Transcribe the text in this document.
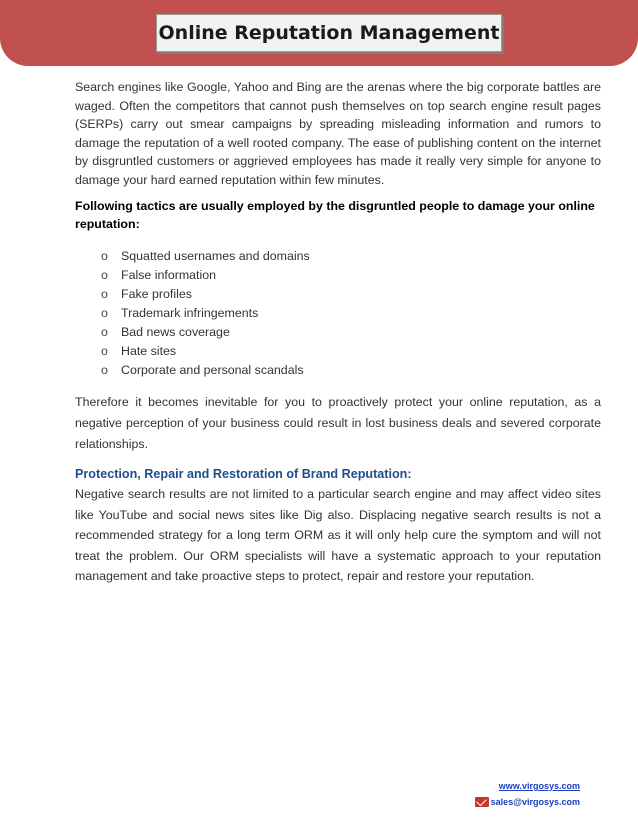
Online Reputation Management

Search engines like Google, Yahoo and Bing are the arenas where the big corporate battles are waged. Often the competitors that cannot push themselves on top search engine result pages (SERPs) carry out smear campaigns by spreading misleading information and rumors to damage the reputation of a well rooted company. The ease of publishing content on the internet by disgruntled customers or aggrieved employees has made it really very simple for anyone to damage your hard earned reputation within few minutes.

Following tactics are usually employed by the disgruntled people to damage your online reputation:

o	Squatted usernames and domains
o	False information
o	Fake profiles
o	Trademark infringements
o	Bad news coverage
o	Hate sites
o	Corporate and personal scandals

Therefore it becomes inevitable for you to proactively protect your online reputation, as a negative perception of your business could result in lost business deals and severed corporate relationships.

Protection, Repair and Restoration of Brand Reputation:

Negative search results are not limited to a particular search engine and may affect video sites like YouTube and social news sites like Dig also. Displacing negative search results is not a recommended strategy for a long term ORM as it will only help cure the symptom and will not treat the problem. Our ORM specialists will have a systematic approach to your reputation management and take proactive steps to protect, repair and restore your reputation.

www.virgosys.com
sales@virgosys.com
